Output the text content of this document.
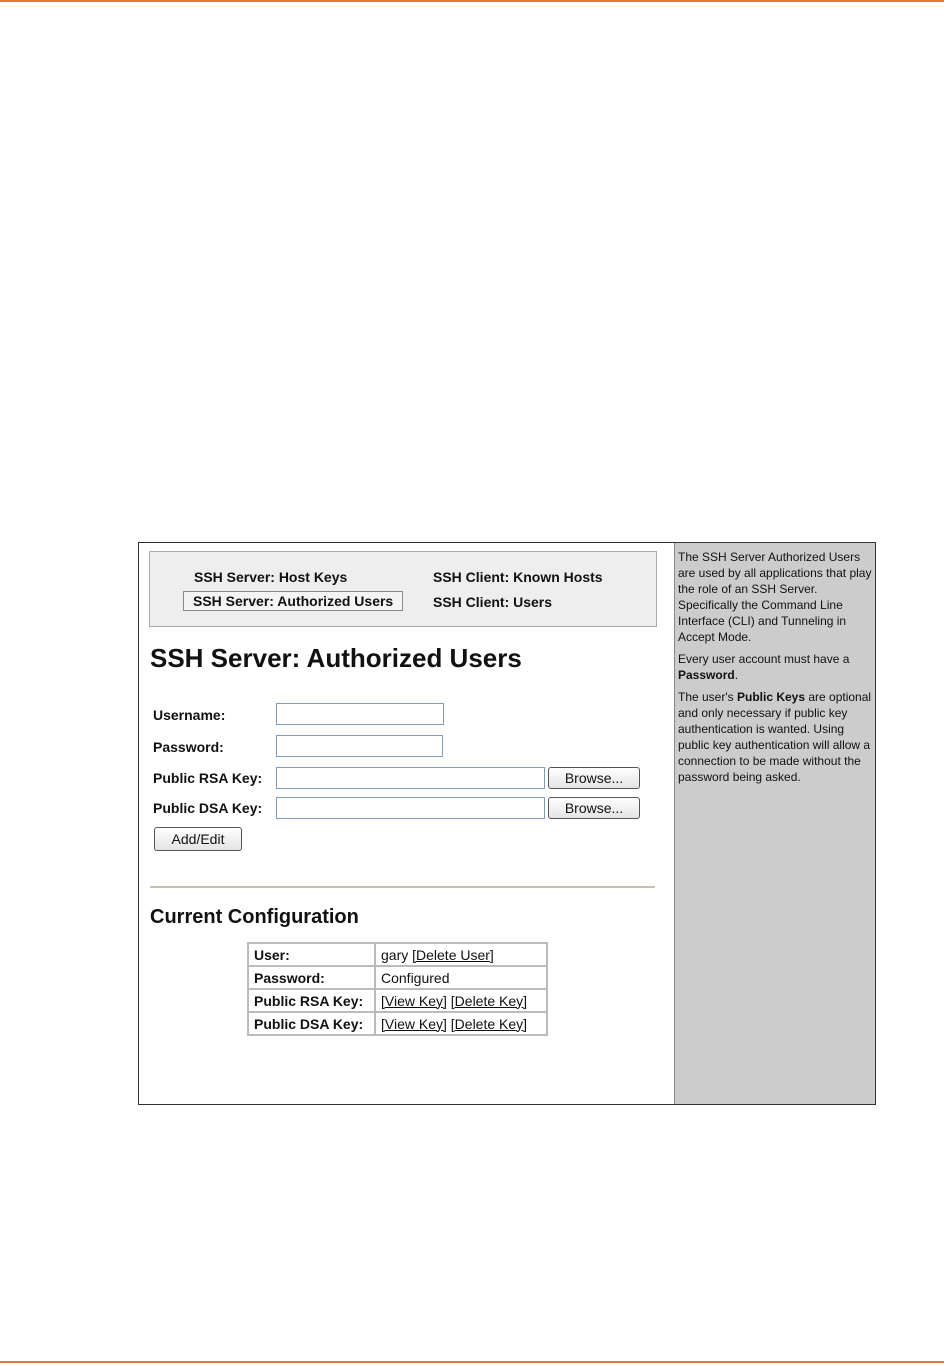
SSH Server: Host Keys
SSH Server: Authorized Users
SSH Client: Known Hosts
SSH Client: Users
SSH Server: Authorized Users
Username:
Password:
Public RSA Key:	Browse...
Public DSA Key:	Browse...
Add/Edit
Current Configuration
User:	gary [Delete User]
Password:	Configured
Public RSA Key:	[View Key] [Delete Key]
Public DSA Key:	[View Key] [Delete Key]

The SSH Server Authorized Users are used by all applications that play the role of an SSH Server. Specifically the Command Line Interface (CLI) and Tunneling in Accept Mode.

Every user account must have a Password.

The user's Public Keys are optional and only necessary if public key authentication is wanted. Using public key authentication will allow a connection to be made without the password being asked.
